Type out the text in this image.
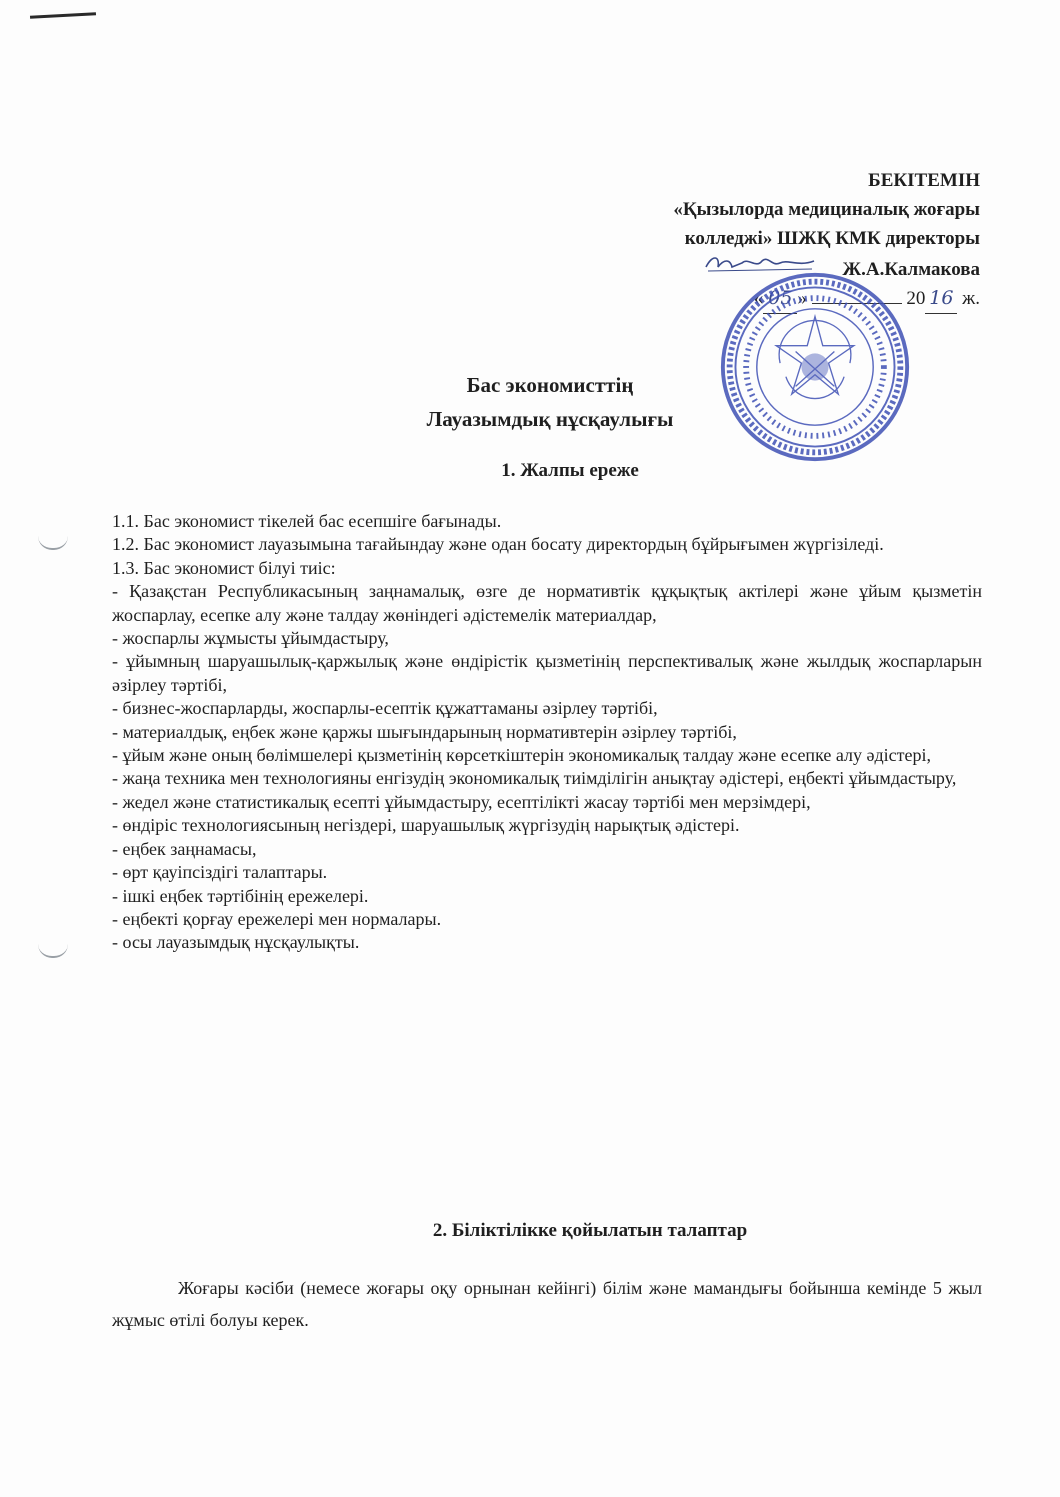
БЕКІТЕМІН
«Қызылорда медициналық жоғары
колледжі» ШЖҚ КМК директоры
Ж.А.Калмакова
« 05 »	20 16 ж.
Бас экономисттің
Лауазымдық нұсқаулығы
1. Жалпы ереже

1.1. Бас экономист тікелей бас есепшіге бағынады.

1.2. Бас экономист лауазымына тағайындау және одан босату директордың бұйрығымен жүргізіледі.

1.3. Бас экономист білуі тиіс:

- Қазақстан Республикасының заңнамалық, өзге де нормативтік құқықтық актілері және ұйым қызметін жоспарлау, есепке алу және талдау жөніндегі әдістемелік материалдар,

- жоспарлы жұмысты ұйымдастыру,

- ұйымның шаруашылық-қаржылық және өндірістік қызметінің перспективалық және жылдық жоспарларын әзірлеу тәртібі,

- бизнес-жоспарларды, жоспарлы-есептік құжаттаманы әзірлеу тәртібі,

- материалдық, еңбек және қаржы шығындарының нормативтерін әзірлеу тәртібі,

- ұйым және оның бөлімшелері қызметінің көрсеткіштерін экономикалық талдау және есепке алу әдістері,

- жаңа техника мен технологияны енгізудің экономикалық тиімділігін анықтау әдістері, еңбекті ұйымдастыру,

- жедел және статистикалық есепті ұйымдастыру, есептілікті жасау тәртібі мен мерзімдері,

- өндіріс технологиясының негіздері, шаруашылық жүргізудің нарықтық әдістері.

- еңбек заңнамасы,

- өрт қауіпсіздігі талаптары.

- ішкі еңбек тәртібінің ережелері.

- еңбекті қорғау ережелері мен нормалары.

- осы лауазымдық нұсқаулықты.

2. Біліктілікке қойылатын талаптар
Жоғары кәсіби (немесе жоғары оқу орнынан кейінгі) білім және мамандығы бойынша кемінде 5 жыл жұмыс өтілі болуы керек.
